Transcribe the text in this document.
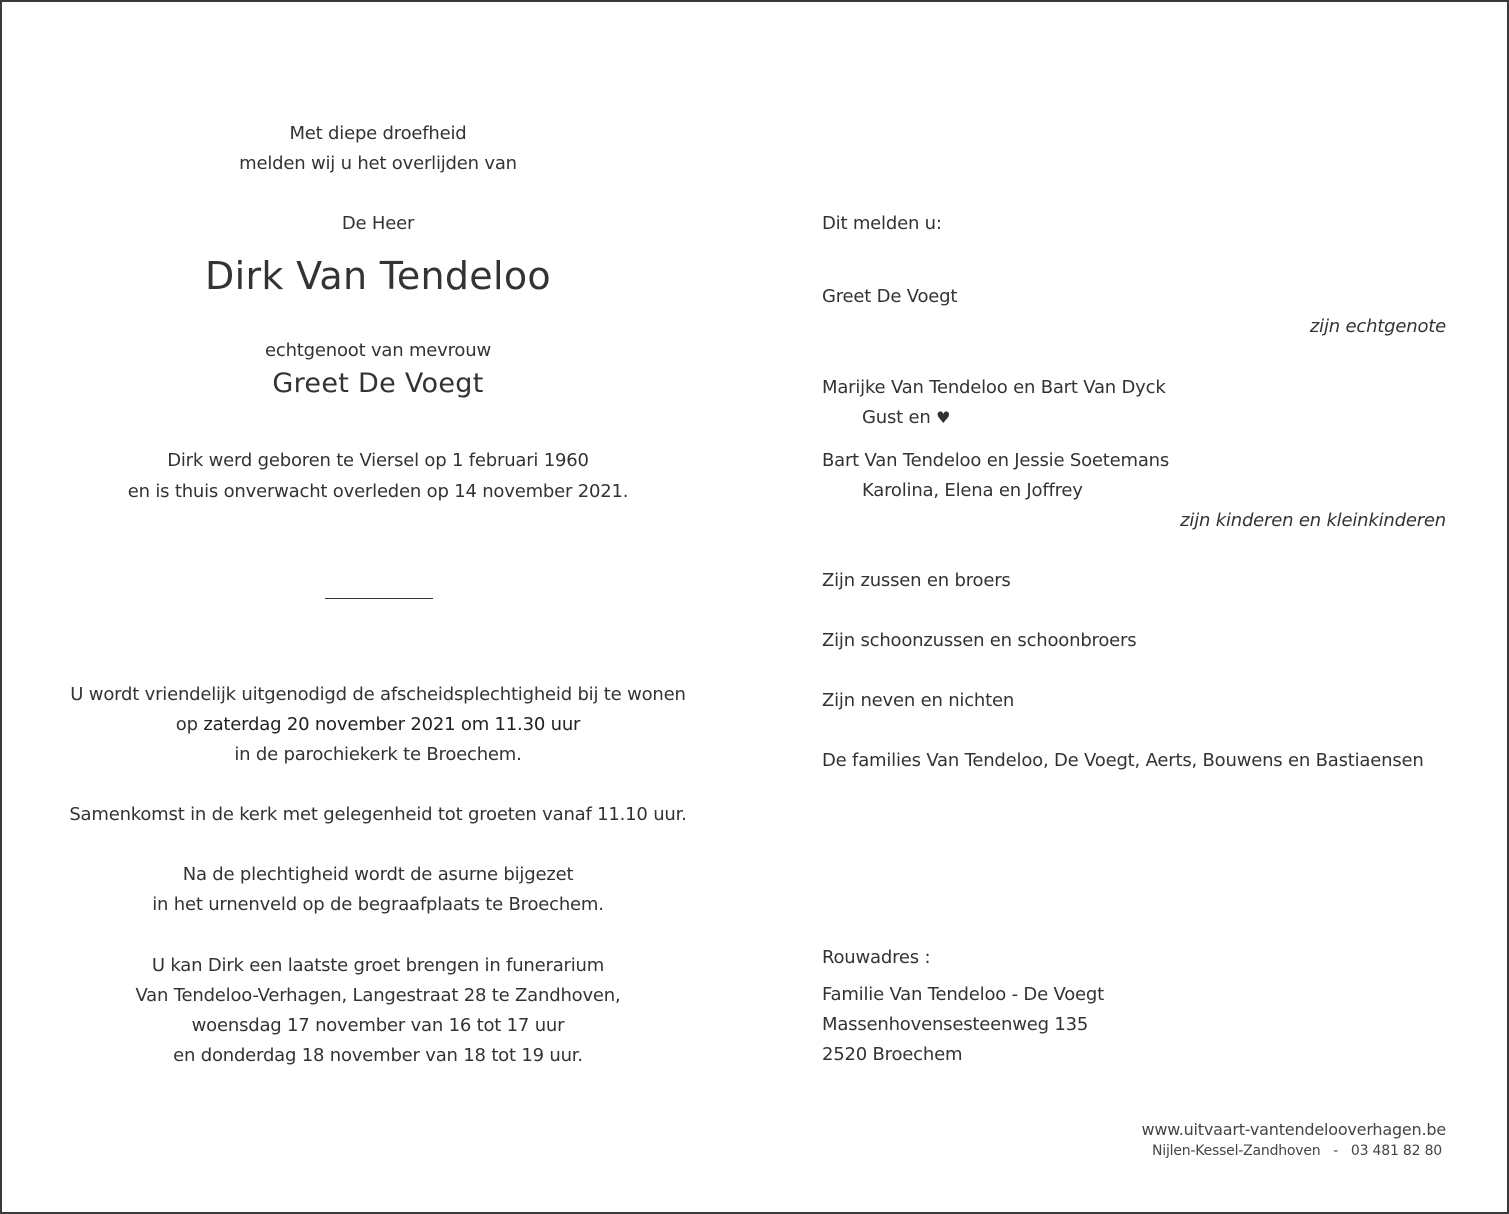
Met diepe droefheid
melden wij u het overlijden van
De Heer
Dirk Van Tendeloo
echtgenoot van mevrouw
Greet De Voegt
Dirk werd geboren te Viersel op 1 februari 1960
en is thuis onverwacht overleden op 14 november 2021.
U wordt vriendelijk uitgenodigd de afscheidsplechtigheid bij te wonen
op zaterdag 20 november 2021 om 11.30 uur
in de parochiekerk te Broechem.
Samenkomst in de kerk met gelegenheid tot groeten vanaf 11.10 uur.
Na de plechtigheid wordt de asurne bijgezet
in het urnenveld op de begraafplaats te Broechem.
U kan Dirk een laatste groet brengen in funerarium
Van Tendeloo-Verhagen, Langestraat 28 te Zandhoven,
woensdag 17 november van 16 tot 17 uur
en donderdag 18 november van 18 tot 19 uur.
Dit melden u:
Greet De Voegt
zijn echtgenote
Marijke Van Tendeloo en Bart Van Dyck
Gust en ♥
Bart Van Tendeloo en Jessie Soetemans
Karolina, Elena en Joffrey
zijn kinderen en kleinkinderen
Zijn zussen en broers
Zijn schoonzussen en schoonbroers
Zijn neven en nichten
De families Van Tendeloo, De Voegt, Aerts, Bouwens en Bastiaensen
Rouwadres :
Familie Van Tendeloo - De Voegt
Massenhovensesteenweg 135
2520 Broechem
www.uitvaart-vantendelooverhagen.be
Nijlen-Kessel-Zandhoven - 03 481 82 80
